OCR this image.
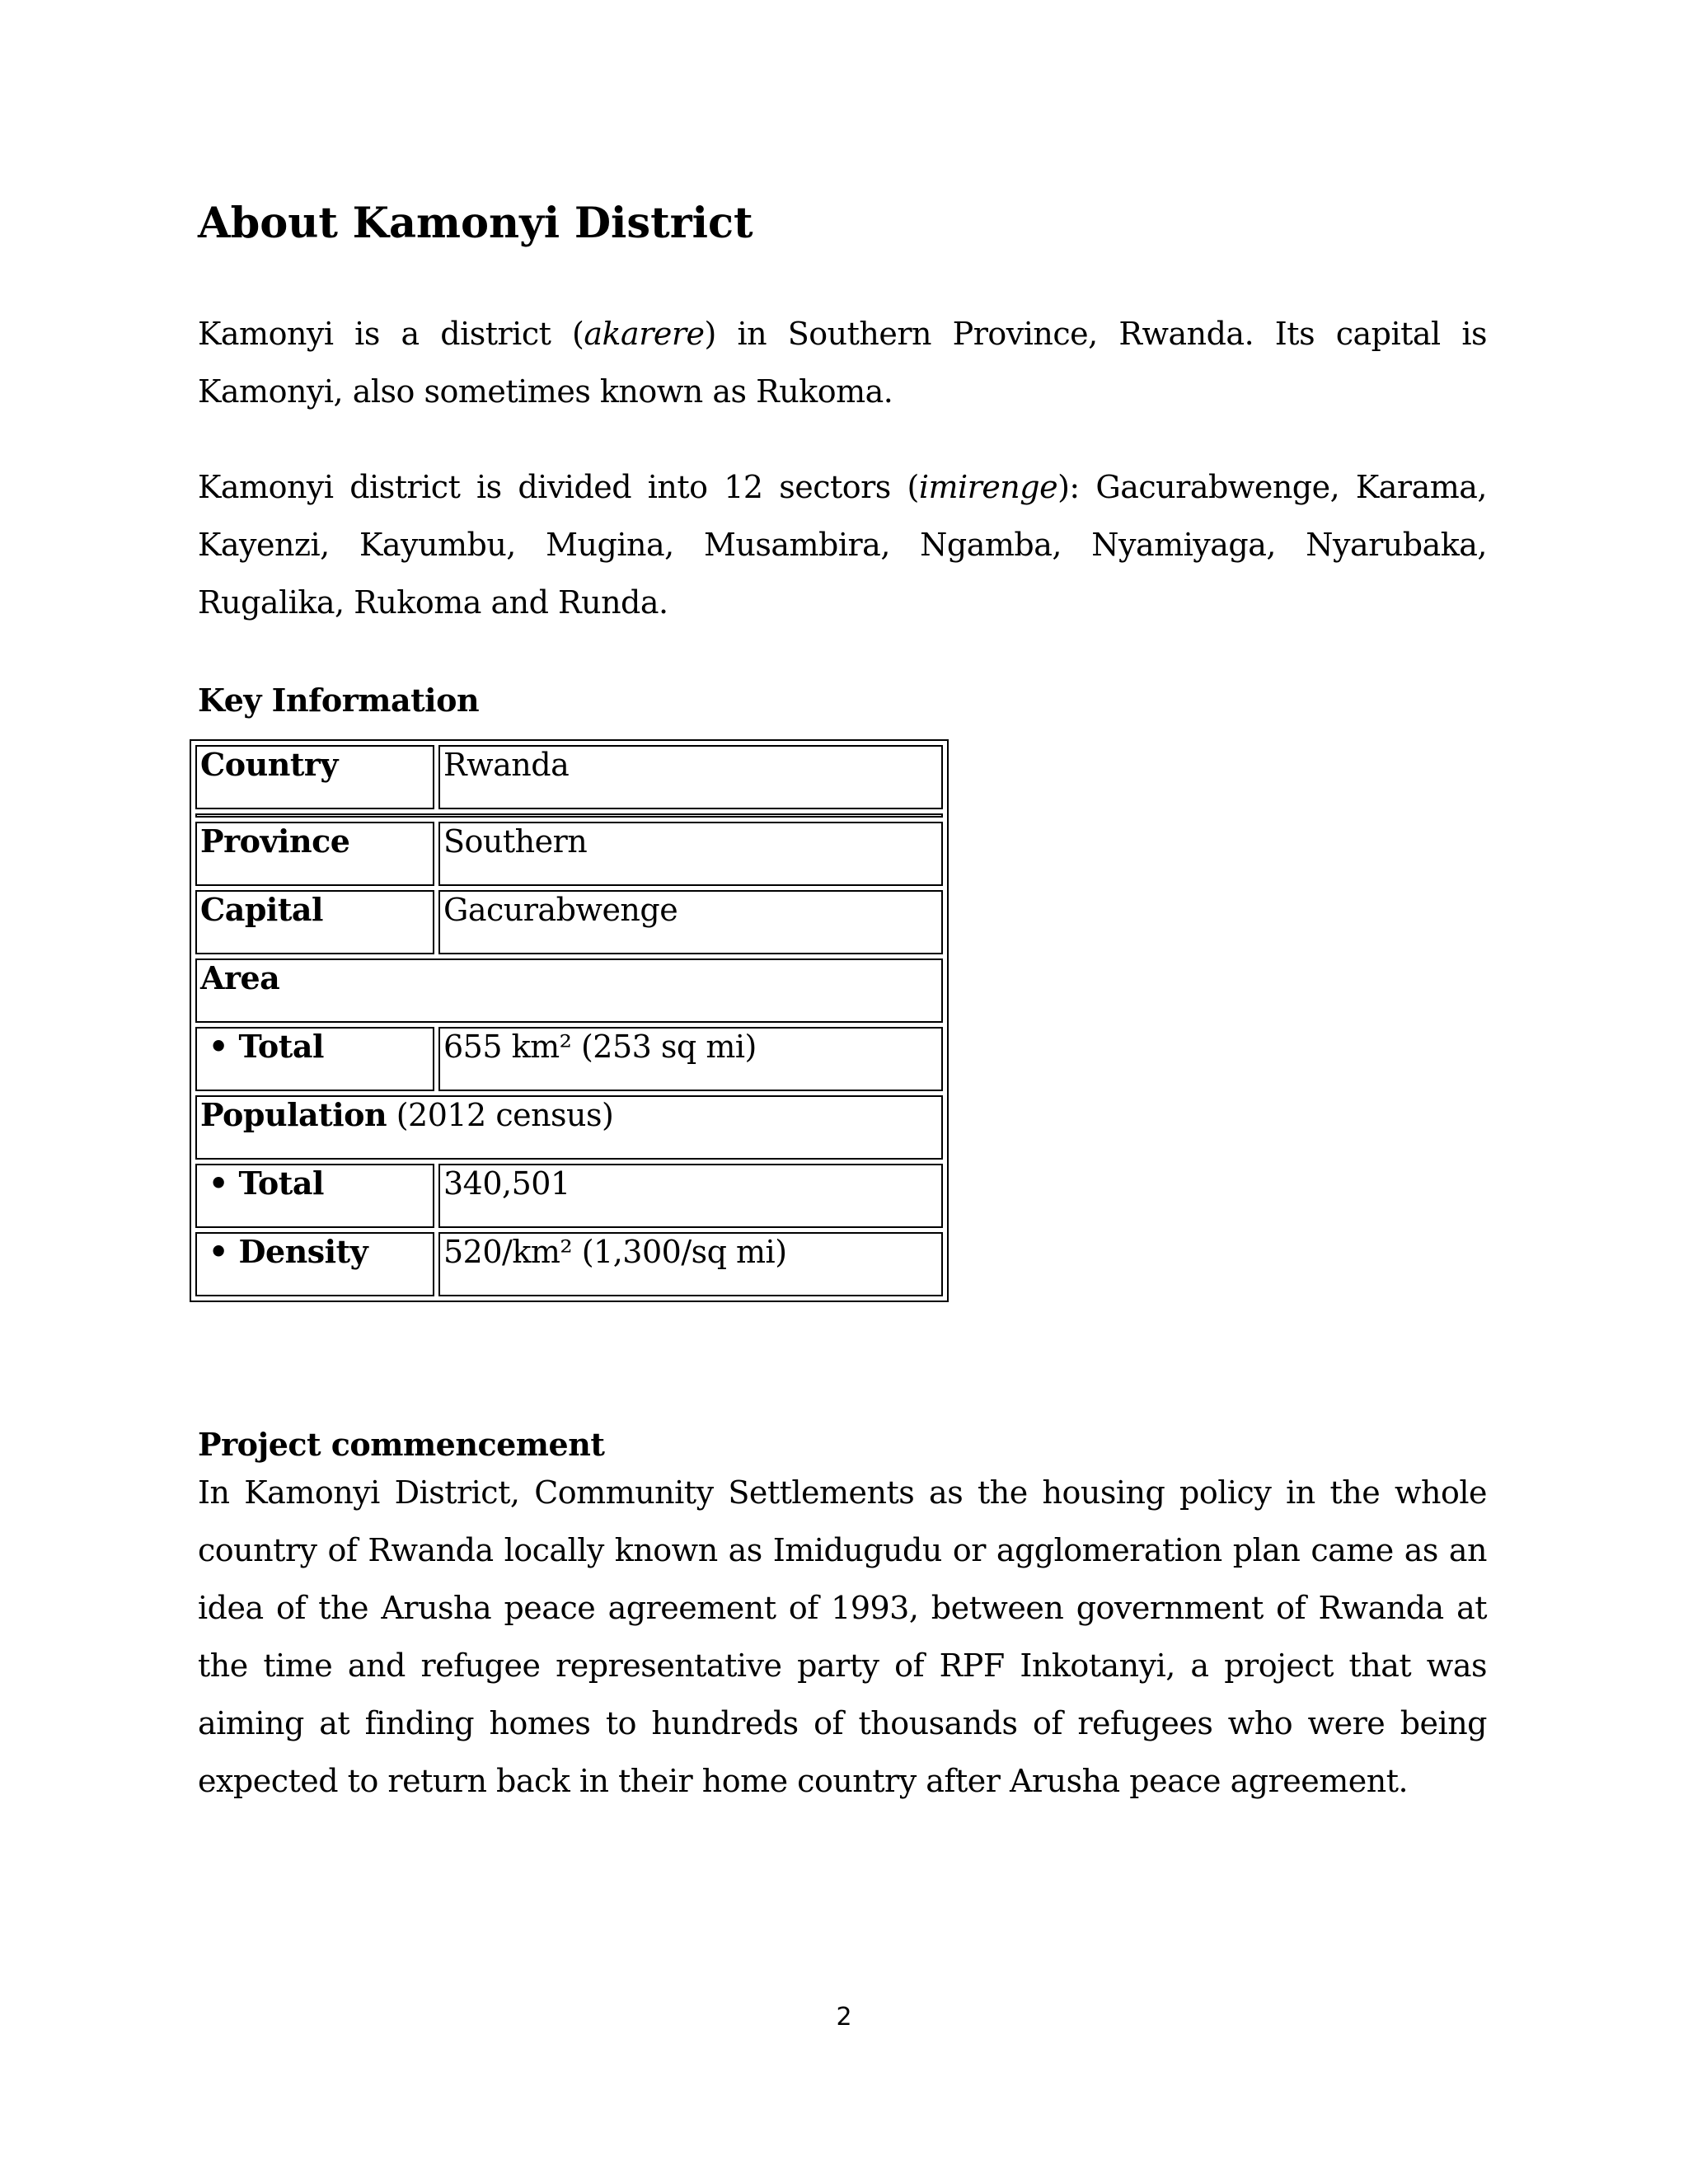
About Kamonyi District

Kamonyi is a district (akarere) in Southern Province, Rwanda. Its capital is Kamonyi, also sometimes known as Rukoma.

Kamonyi district is divided into 12 sectors (imirenge): Gacurabwenge, Karama, Kayenzi, Kayumbu, Mugina, Musambira, Ngamba, Nyamiyaga, Nyarubaka, Rugalika, Rukoma and Runda.

Key Information
Country	Rwanda

Province	Southern
Capital	Gacurabwenge
Area	
• Total	655 km² (253 sq mi)
Population (2012 census)	
• Total	340,501
• Density	520/km² (1,300/sq mi)
Project commencement

In Kamonyi District, Community Settlements as the housing policy in the whole country of Rwanda locally known as Imidugudu or agglomeration plan came as an idea of the Arusha peace agreement of 1993, between government of Rwanda at the time and refugee representative party of RPF Inkotanyi, a project that was aiming at finding homes to hundreds of thousands of refugees who were being expected to return back in their home country after Arusha peace agreement.

2
